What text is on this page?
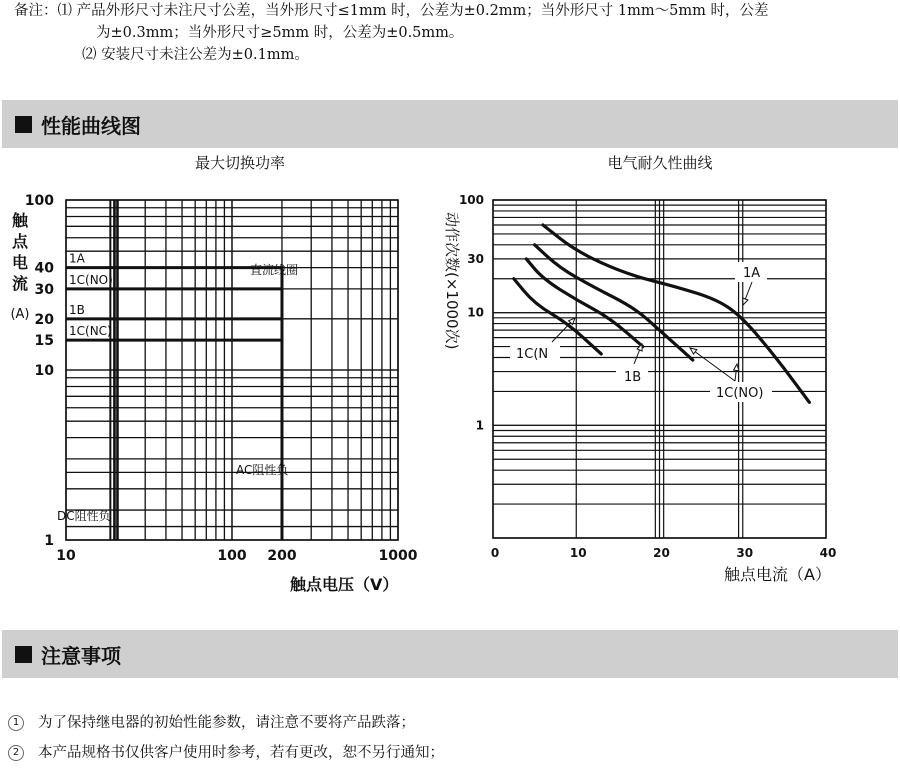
备注：⑴ 产品外形尺寸未注尺寸公差，当外形尺寸≤1mm 时，公差为±0.2mm；当外形尺寸 1mm～5mm 时，公差
为±0.3mm；当外形尺寸≥5mm 时，公差为±0.5mm。
⑵ 安装尺寸未注公差为±0.1mm。
性能曲线图
最大切换功率	电气耐久性曲线
1A
1C(NO)
1B
1C(NC)
直流线圈
AC阻性负
DC阻性负
10	100 200	1000
1
10
15
20
30
40
100
触点电压（V）
触
点
电
流
(A)
1A
1C(N
1B
1C(NO)
0	10	20	30	40
1
10
30
100
触点电流（A）
动作次数(×1000次)
注意事项
1	为了保持继电器的初始性能参数，请注意不要将产品跌落；
2	本产品规格书仅供客户使用时参考，若有更改，恕不另行通知；
